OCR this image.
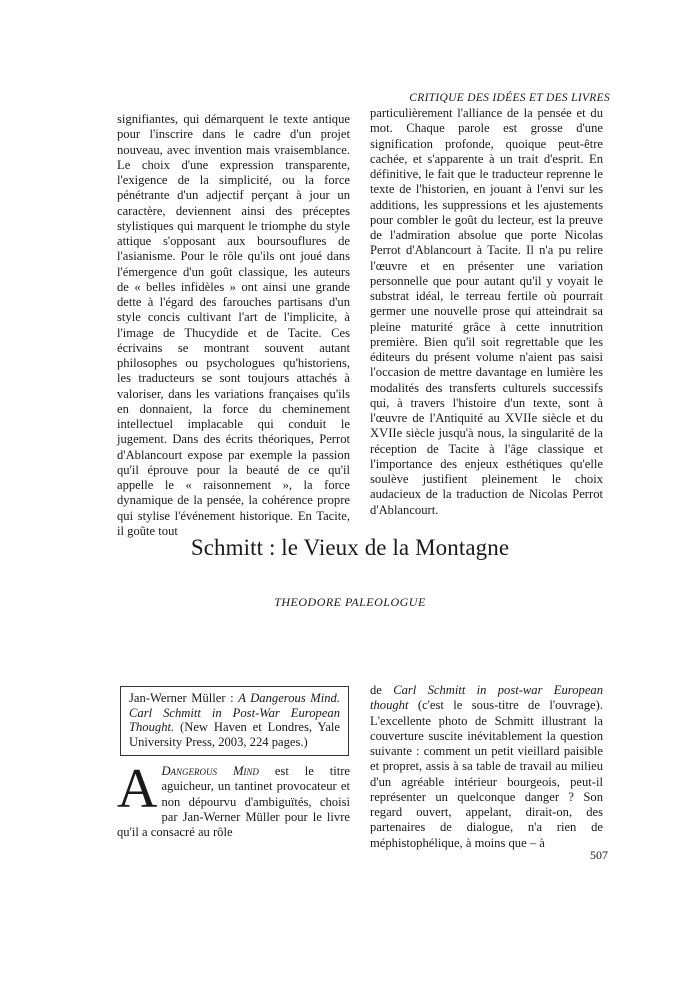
CRITIQUE DES IDÉES ET DES LIVRES

signifiantes, qui démarquent le texte antique pour l'inscrire dans le cadre d'un projet nouveau, avec invention mais vraisemblance. Le choix d'une expression transparente, l'exigence de la simplicité, ou la force pénétrante d'un adjectif perçant à jour un caractère, deviennent ainsi des préceptes stylistiques qui marquent le triomphe du style attique s'opposant aux boursouflures de l'asianisme. Pour le rôle qu'ils ont joué dans l'émergence d'un goût classique, les auteurs de « belles infidèles » ont ainsi une grande dette à l'égard des farouches partisans d'un style concis cultivant l'art de l'implicite, à l'image de Thucydide et de Tacite. Ces écrivains se montrant souvent autant philosophes ou psychologues qu'historiens, les traducteurs se sont toujours attachés à valoriser, dans les variations françaises qu'ils en donnaient, la force du cheminement intellectuel implacable qui conduit le jugement. Dans des écrits théoriques, Perrot d'Ablancourt expose par exemple la passion qu'il éprouve pour la beauté de ce qu'il appelle le « raisonnement », la force dynamique de la pensée, la cohérence propre qui stylise l'événement historique. En Tacite, il goûte tout

particulièrement l'alliance de la pensée et du mot. Chaque parole est grosse d'une signification profonde, quoique peut-être cachée, et s'apparente à un trait d'esprit. En définitive, le fait que le traducteur reprenne le texte de l'historien, en jouant à l'envi sur les additions, les suppressions et les ajustements pour combler le goût du lecteur, est la preuve de l'admiration absolue que porte Nicolas Perrot d'Ablancourt à Tacite. Il n'a pu relire l'œuvre et en présenter une variation personnelle que pour autant qu'il y voyait le substrat idéal, le terreau fertile où pourrait germer une nouvelle prose qui atteindrait sa pleine maturité grâce à cette innutrition première. Bien qu'il soit regrettable que les éditeurs du présent volume n'aient pas saisi l'occasion de mettre davantage en lumière les modalités des transferts culturels successifs qui, à travers l'histoire d'un texte, sont à l'œuvre de l'Antiquité au XVIIe siècle et du XVIIe siècle jusqu'à nous, la singularité de la réception de Tacite à l'âge classique et l'importance des enjeux esthétiques qu'elle soulève justifient pleinement le choix audacieux de la traduction de Nicolas Perrot d'Ablancourt.

Schmitt : le Vieux de la Montagne
THEODORE PALEOLOGUE
Jan-Werner Müller : A Dangerous Mind. Carl Schmitt in Post-War European Thought. (New Haven et Londres, Yale University Press, 2003, 224 pages.)

A Dangerous Mind est le titre aguicheur, un tantinet provocateur et non dépourvu d'ambiguïtés, choisi par Jan-Werner Müller pour le livre qu'il a consacré au rôle

de Carl Schmitt in post-war European thought (c'est le sous-titre de l'ouvrage). L'excellente photo de Schmitt illustrant la couverture suscite inévitablement la question suivante : comment un petit vieillard paisible et propret, assis à sa table de travail au milieu d'un agréable intérieur bourgeois, peut-il représenter un quelconque danger ? Son regard ouvert, appelant, dirait-on, des partenaires de dialogue, n'a rien de méphistophélique, à moins que – à

507
